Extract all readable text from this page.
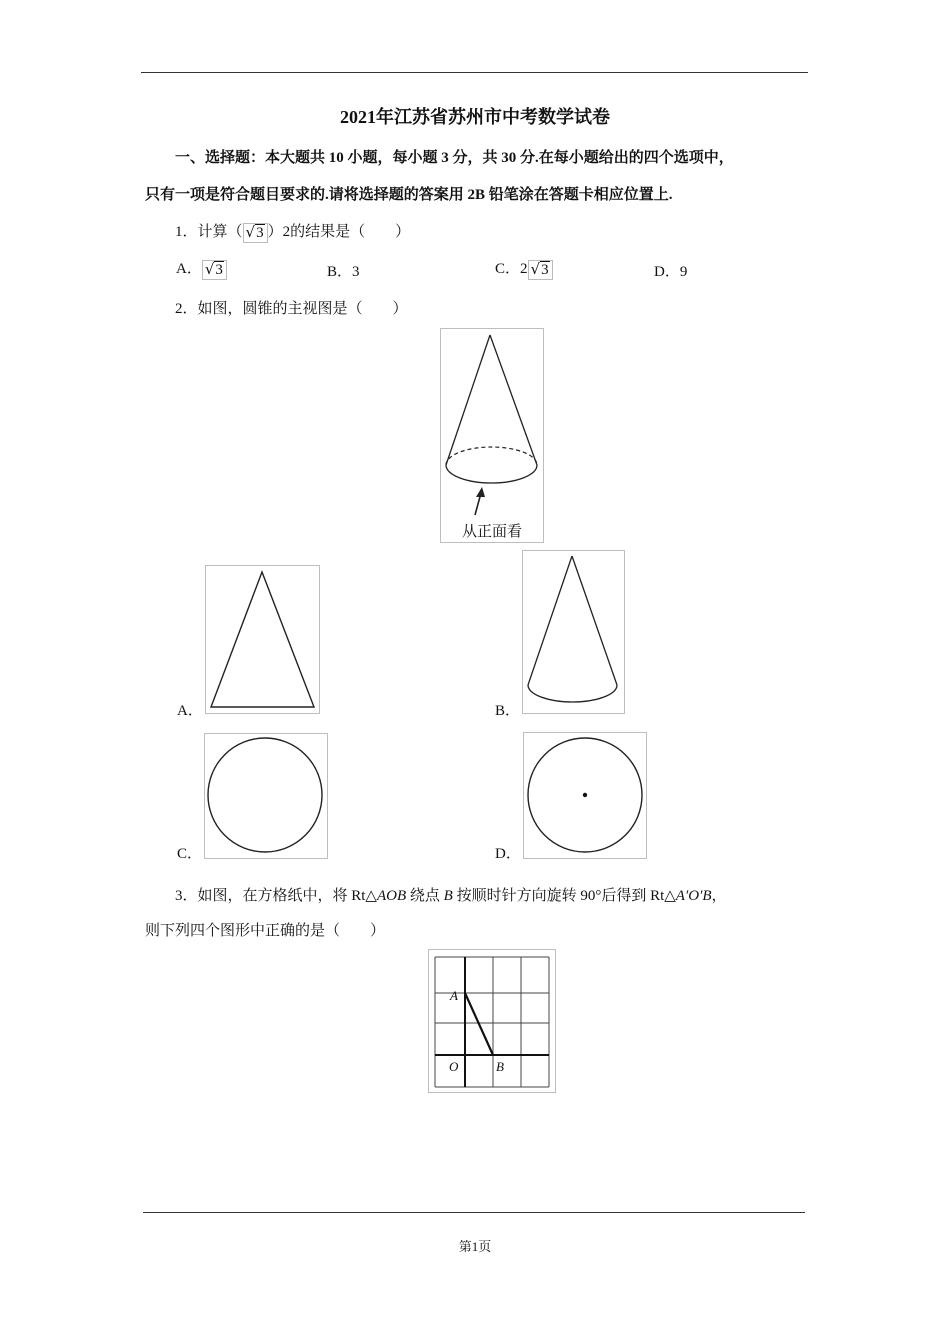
2021年江苏省苏州市中考数学试卷
一、选择题：本大题共 10 小题，每小题 3 分，共 30 分.在每小题给出的四个选项中，
只有一项是符合题目要求的.请将选择题的答案用 2B 铅笔涂在答题卡相应位置上.
1．计算（ √3 ）2的结果是（　　）
A． √3	B．3	C．2 √3	D．9
2．如图，圆锥的主视图是（　　）
从正面看
A．	B．
C．	D．
3．如图，在方格纸中，将 Rt△AOB 绕点 B 按顺时针方向旋转 90°后得到 Rt△A′O′B，
则下列四个图形中正确的是（　　）
A
O	B
第1页
